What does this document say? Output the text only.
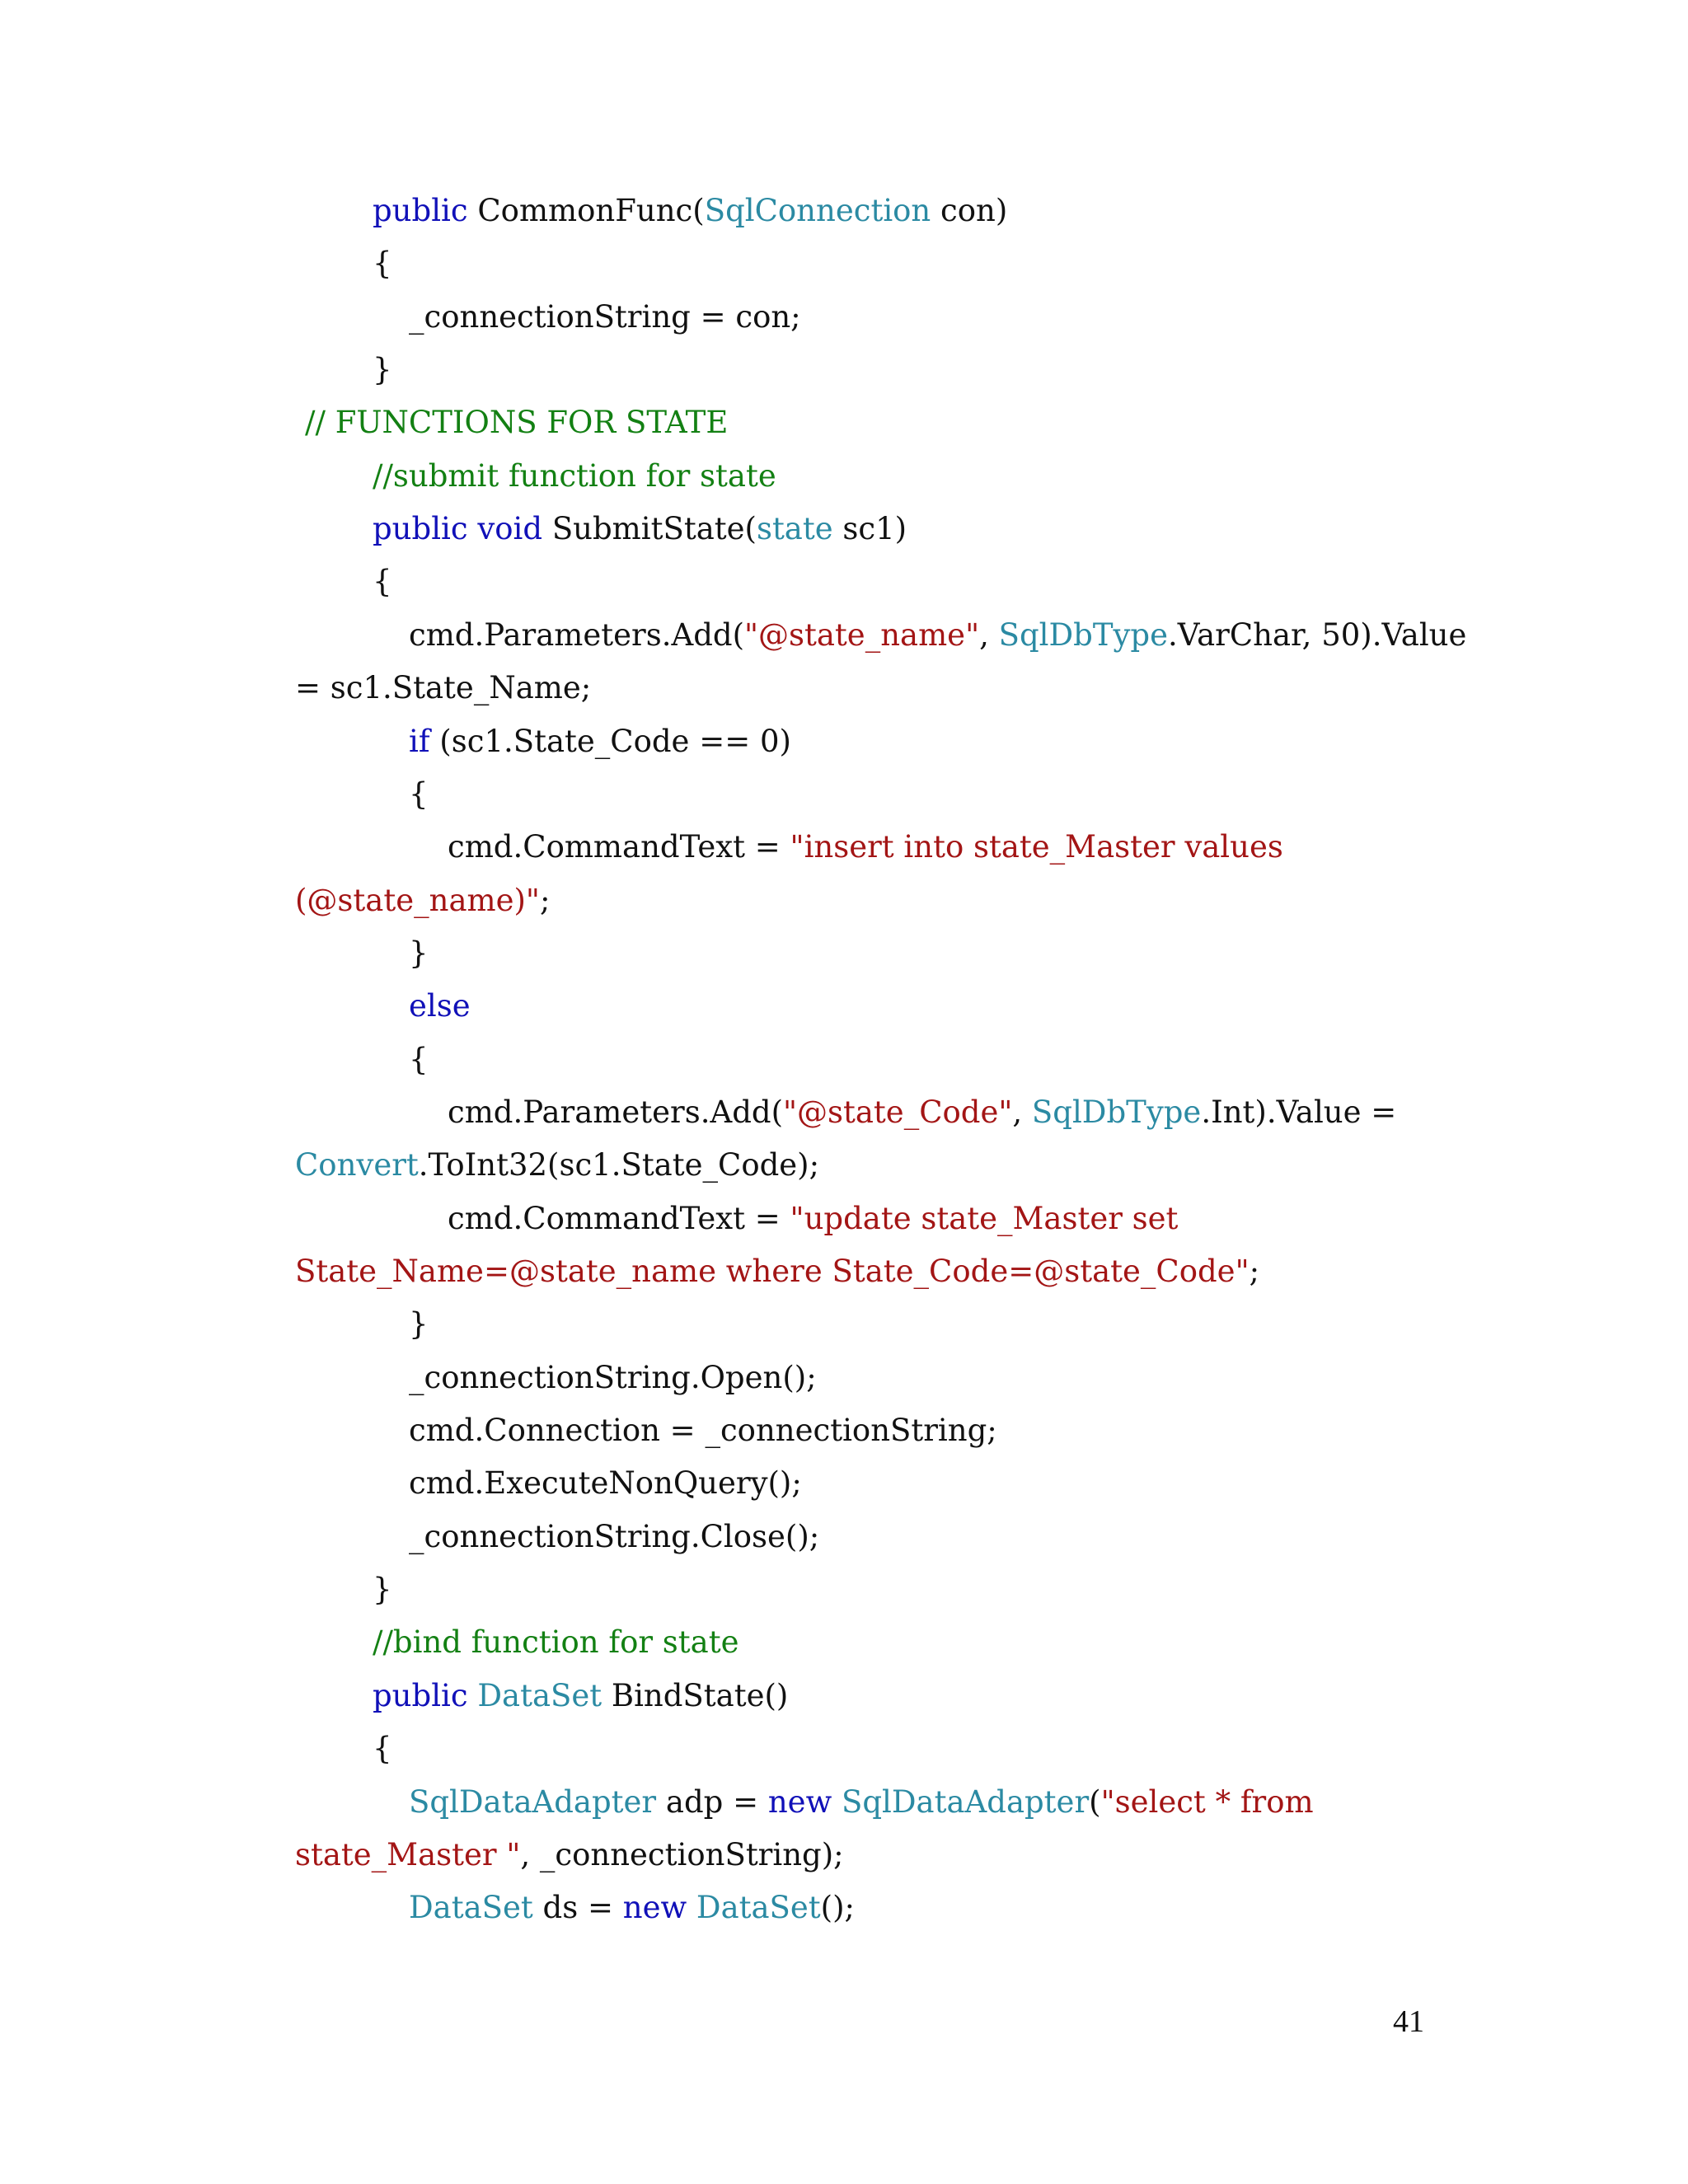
public CommonFunc(SqlConnection con)
{
_connectionString = con;
}
// FUNCTIONS FOR STATE
//submit function for state
public void SubmitState(state sc1)
{
cmd.Parameters.Add("@state_name", SqlDbType.VarChar, 50).Value
= sc1.State_Name;
if (sc1.State_Code == 0)
{
cmd.CommandText = "insert into state_Master values
(@state_name)";
}
else
{
cmd.Parameters.Add("@state_Code", SqlDbType.Int).Value =
Convert.ToInt32(sc1.State_Code);
cmd.CommandText = "update state_Master set
State_Name=@state_name where State_Code=@state_Code";
}
_connectionString.Open();
cmd.Connection = _connectionString;
cmd.ExecuteNonQuery();
_connectionString.Close();
}
//bind function for state
public DataSet BindState()
{
SqlDataAdapter adp = new SqlDataAdapter("select * from
state_Master ", _connectionString);
DataSet ds = new DataSet();
41
